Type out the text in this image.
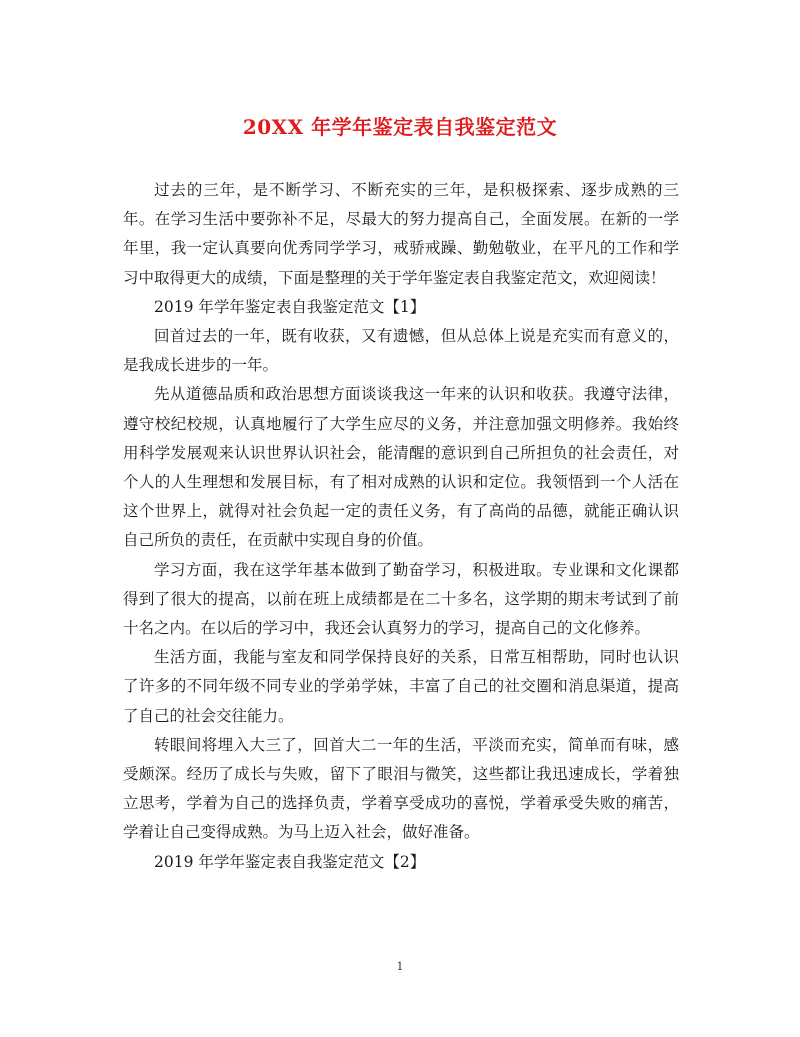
20XX 年学年鉴定表自我鉴定范文

过去的三年，是不断学习、不断充实的三年，是积极探索、逐步成熟的三年。在学习生活中要弥补不足，尽最大的努力提高自己，全面发展。在新的一学年里，我一定认真要向优秀同学学习，戒骄戒躁、勤勉敬业，在平凡的工作和学习中取得更大的成绩，下面是整理的关于学年鉴定表自我鉴定范文，欢迎阅读！

2019 年学年鉴定表自我鉴定范文【1】

回首过去的一年，既有收获，又有遗憾，但从总体上说是充实而有意义的，是我成长进步的一年。

先从道德品质和政治思想方面谈谈我这一年来的认识和收获。我遵守法律，遵守校纪校规，认真地履行了大学生应尽的义务，并注意加强文明修养。我始终用科学发展观来认识世界认识社会，能清醒的意识到自己所担负的社会责任，对个人的人生理想和发展目标，有了相对成熟的认识和定位。我领悟到一个人活在这个世界上，就得对社会负起一定的责任义务，有了高尚的品德，就能正确认识自己所负的责任，在贡献中实现自身的价值。

学习方面，我在这学年基本做到了勤奋学习，积极进取。专业课和文化课都得到了很大的提高，以前在班上成绩都是在二十多名，这学期的期末考试到了前十名之内。在以后的学习中，我还会认真努力的学习，提高自己的文化修养。

生活方面，我能与室友和同学保持良好的关系，日常互相帮助，同时也认识了许多的不同年级不同专业的学弟学妹，丰富了自己的社交圈和消息渠道，提高了自己的社会交往能力。

转眼间将埋入大三了，回首大二一年的生活，平淡而充实，简单而有味，感受颇深。经历了成长与失败，留下了眼泪与微笑，这些都让我迅速成长，学着独立思考，学着为自己的选择负责，学着享受成功的喜悦，学着承受失败的痛苦，学着让自己变得成熟。为马上迈入社会，做好准备。

2019 年学年鉴定表自我鉴定范文【2】

1
